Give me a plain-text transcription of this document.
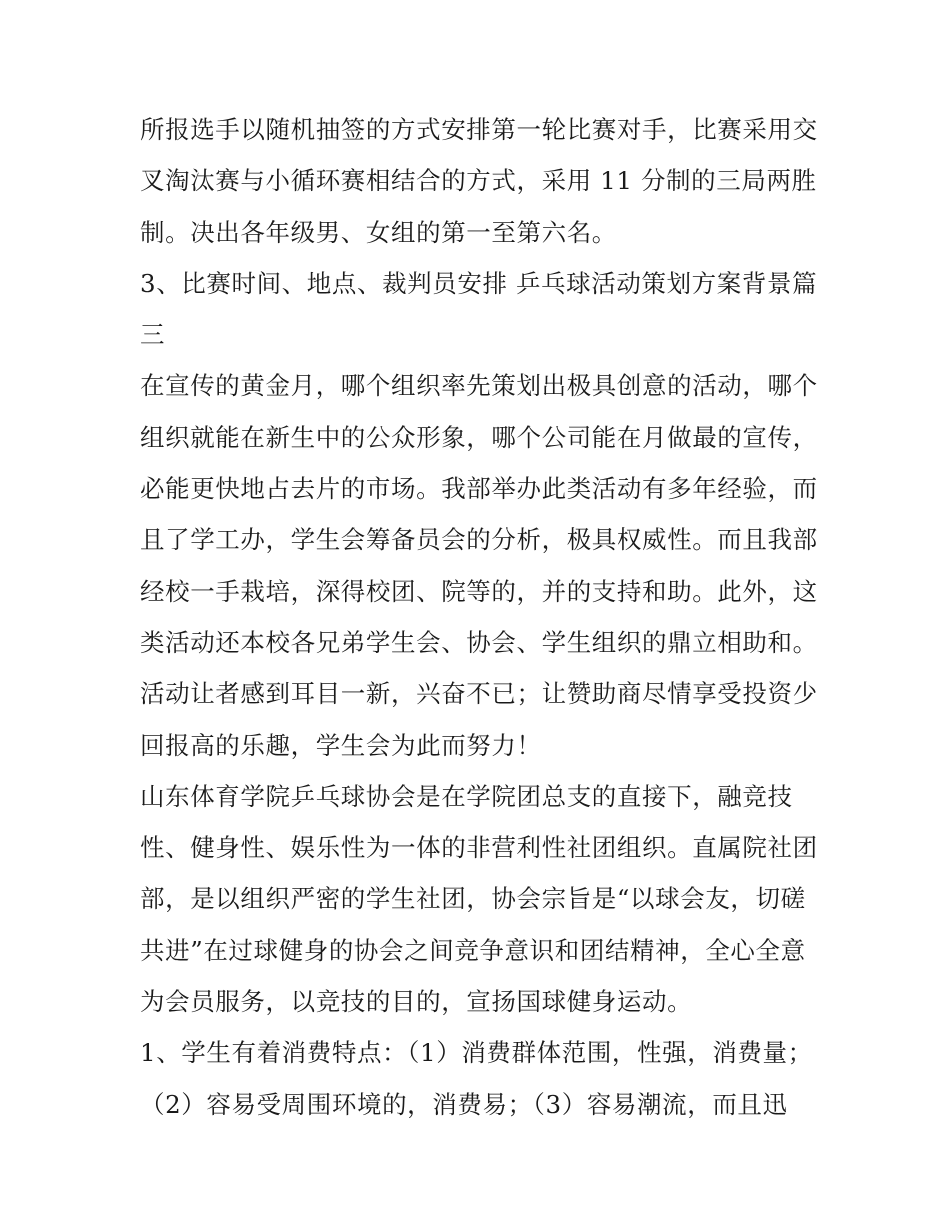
所报选手以随机抽签的方式安排第一轮比赛对手，比赛采用交
叉淘汰赛与小循环赛相结合的方式，采用 11 分制的三局两胜
制。决出各年级男、女组的第一至第六名。
3、比赛时间、地点、裁判员安排 乒乓球活动策划方案背景篇
三
在宣传的黄金月，哪个组织率先策划出极具创意的活动，哪个
组织就能在新生中的公众形象，哪个公司能在月做最的宣传，
必能更快地占去片的市场。我部举办此类活动有多年经验，而
且了学工办，学生会筹备员会的分析，极具权威性。而且我部
经校一手栽培，深得校团、院等的，并的支持和助。此外，这
类活动还本校各兄弟学生会、协会、学生组织的鼎立相助和。
活动让者感到耳目一新，兴奋不已；让赞助商尽情享受投资少
回报高的乐趣，学生会为此而努力！
山东体育学院乒乓球协会是在学院团总支的直接下，融竞技
性、健身性、娱乐性为一体的非营利性社团组织。直属院社团
部，是以组织严密的学生社团，协会宗旨是“以球会友，切磋
共进”在过球健身的协会之间竞争意识和团结精神，全心全意
为会员服务，以竞技的目的，宣扬国球健身运动。
1、学生有着消费特点：（1）消费群体范围，性强，消费量；
（2）容易受周围环境的，消费易；（3）容易潮流，而且迅
